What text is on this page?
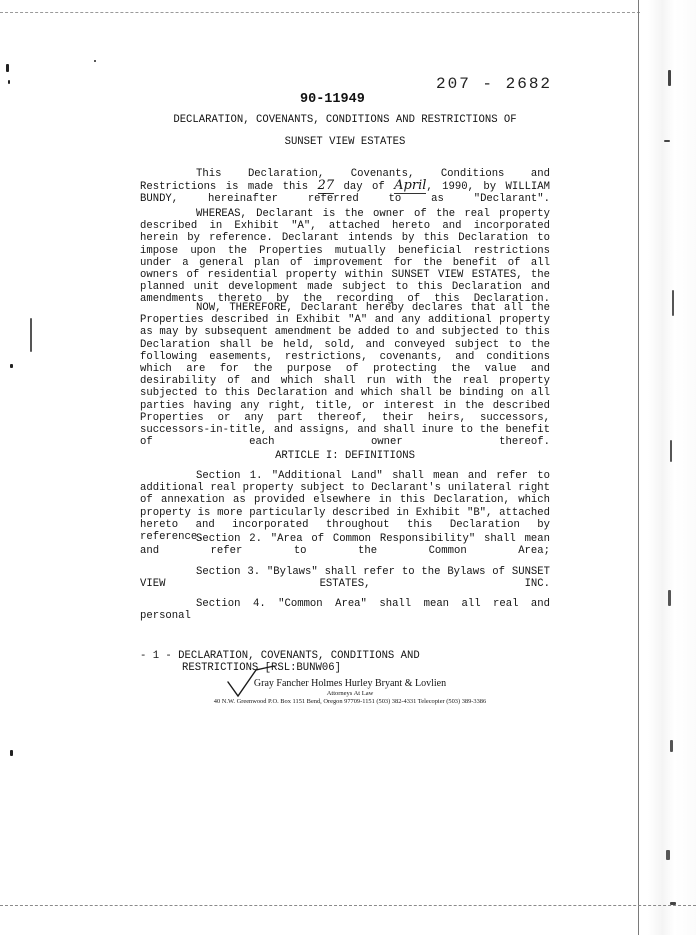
207 - 2682
90-11949
DECLARATION, COVENANTS, CONDITIONS AND RESTRICTIONS OF
SUNSET VIEW ESTATES

This Declaration, Covenants, Conditions and Restrictions is made this 27 day of April, 1990, by WILLIAM BUNDY, hereinafter referred to as "Declarant".

WHEREAS, Declarant is the owner of the real property described in Exhibit "A", attached hereto and incorporated herein by reference. Declarant intends by this Declaration to impose upon the Properties mutually beneficial restrictions under a general plan of improvement for the benefit of all owners of residential property within SUNSET VIEW ESTATES, the planned unit development made subject to this Declaration and amendments thereto by the recording of this Declaration.

NOW, THEREFORE, Declarant hereby declares that all the Properties described in Exhibit "A" and any additional property as may by subsequent amendment be added to and subjected to this Declaration shall be held, sold, and conveyed subject to the following easements, restrictions, covenants, and conditions which are for the purpose of protecting the value and desirability of and which shall run with the real property subjected to this Declaration and which shall be binding on all parties having any right, title, or interest in the described Properties or any part thereof, their heirs, successors, successors-in-title, and assigns, and shall inure to the benefit of each owner thereof.

ARTICLE I: DEFINITIONS

Section 1. "Additional Land" shall mean and refer to additional real property subject to Declarant's unilateral right of annexation as provided elsewhere in this Declaration, which property is more particularly described in Exhibit "B", attached hereto and incorporated throughout this Declaration by reference.

Section 2. "Area of Common Responsibility" shall mean and refer to the Common Area;

Section 3. "Bylaws" shall refer to the Bylaws of SUNSET VIEW ESTATES, INC.

Section 4. "Common Area" shall mean all real and personal

- 1 - DECLARATION, COVENANTS, CONDITIONS AND
RESTRICTIONS [RSL:BUNW06]
Gray Fancher Holmes Hurley Bryant & Lovlien
Attorneys At Law
40 N.W. Greenwood P.O. Box 1151 Bend, Oregon 97709-1151 (503) 382-4331 Telecopier (503) 389-3386
